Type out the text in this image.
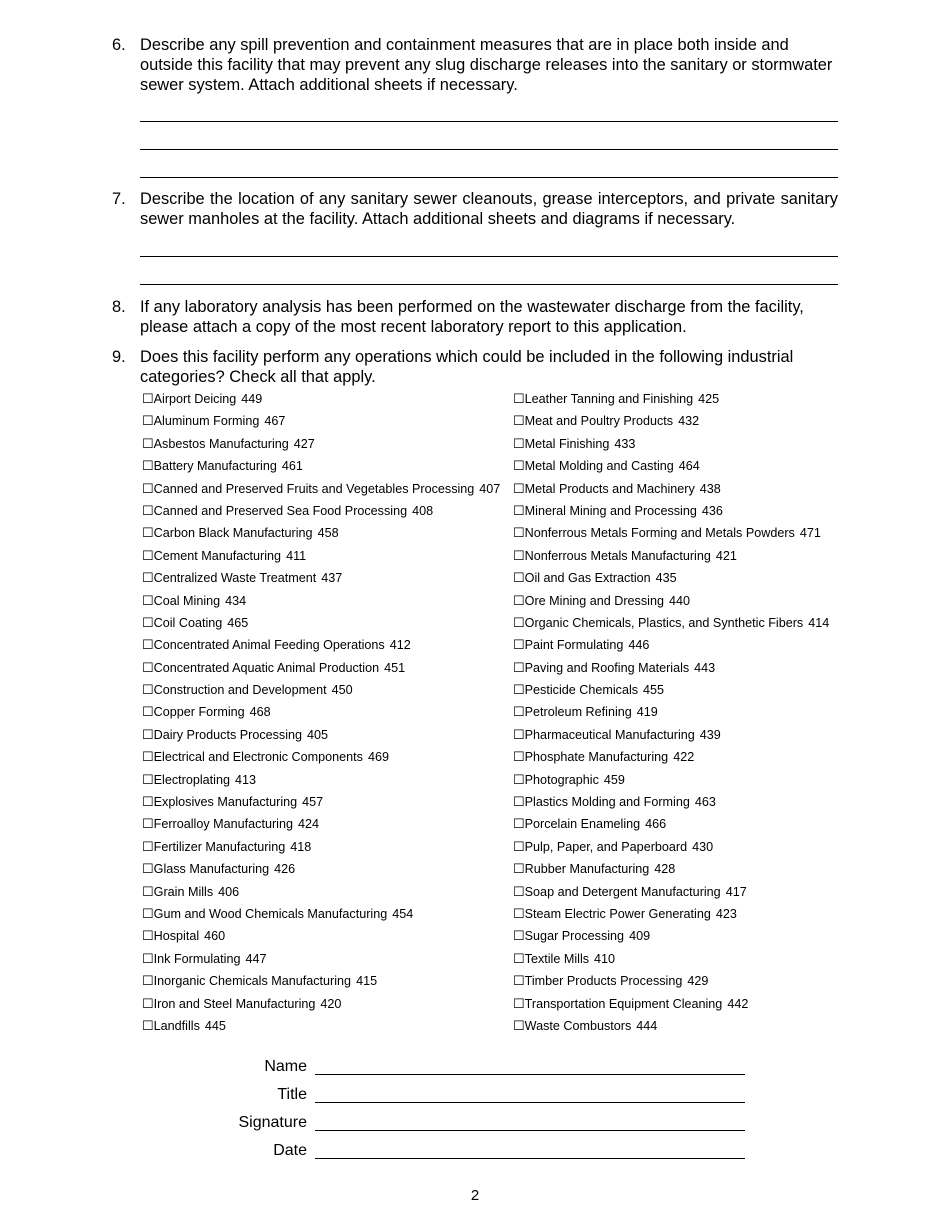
6. Describe any spill prevention and containment measures that are in place both inside and outside this facility that may prevent any slug discharge releases into the sanitary or stormwater sewer system. Attach additional sheets if necessary.
7. Describe the location of any sanitary sewer cleanouts, grease interceptors, and private sanitary sewer manholes at the facility. Attach additional sheets and diagrams if necessary.
8. If any laboratory analysis has been performed on the wastewater discharge from the facility, please attach a copy of the most recent laboratory report to this application.
9. Does this facility perform any operations which could be included in the following industrial categories? Check all that apply.
☐Airport Deicing 449
☐Aluminum Forming 467
☐Asbestos Manufacturing 427
☐Battery Manufacturing 461
☐Canned and Preserved Fruits and Vegetables Processing 407
☐Canned and Preserved Sea Food Processing 408
☐Carbon Black Manufacturing 458
☐Cement Manufacturing 411
☐Centralized Waste Treatment 437
☐Coal Mining 434
☐Coil Coating 465
☐Concentrated Animal Feeding Operations 412
☐Concentrated Aquatic Animal Production 451
☐Construction and Development 450
☐Copper Forming 468
☐Dairy Products Processing 405
☐Electrical and Electronic Components 469
☐Electroplating 413
☐Explosives Manufacturing 457
☐Ferroalloy Manufacturing 424
☐Fertilizer Manufacturing 418
☐Glass Manufacturing 426
☐Grain Mills 406
☐Gum and Wood Chemicals Manufacturing 454
☐Hospital 460
☐Ink Formulating 447
☐Inorganic Chemicals Manufacturing 415
☐Iron and Steel Manufacturing 420
☐Landfills 445
☐Leather Tanning and Finishing 425
☐Meat and Poultry Products 432
☐Metal Finishing 433
☐Metal Molding and Casting 464
☐Metal Products and Machinery 438
☐Mineral Mining and Processing 436
☐Nonferrous Metals Forming and Metals Powders 471
☐Nonferrous Metals Manufacturing 421
☐Oil and Gas Extraction 435
☐Ore Mining and Dressing 440
☐Organic Chemicals, Plastics, and Synthetic Fibers 414
☐Paint Formulating 446
☐Paving and Roofing Materials 443
☐Pesticide Chemicals 455
☐Petroleum Refining 419
☐Pharmaceutical Manufacturing 439
☐Phosphate Manufacturing 422
☐Photographic 459
☐Plastics Molding and Forming 463
☐Porcelain Enameling 466
☐Pulp, Paper, and Paperboard 430
☐Rubber Manufacturing 428
☐Soap and Detergent Manufacturing 417
☐Steam Electric Power Generating 423
☐Sugar Processing 409
☐Textile Mills 410
☐Timber Products Processing 429
☐Transportation Equipment Cleaning 442
☐Waste Combustors 444
Name
Title
Signature
Date
2
